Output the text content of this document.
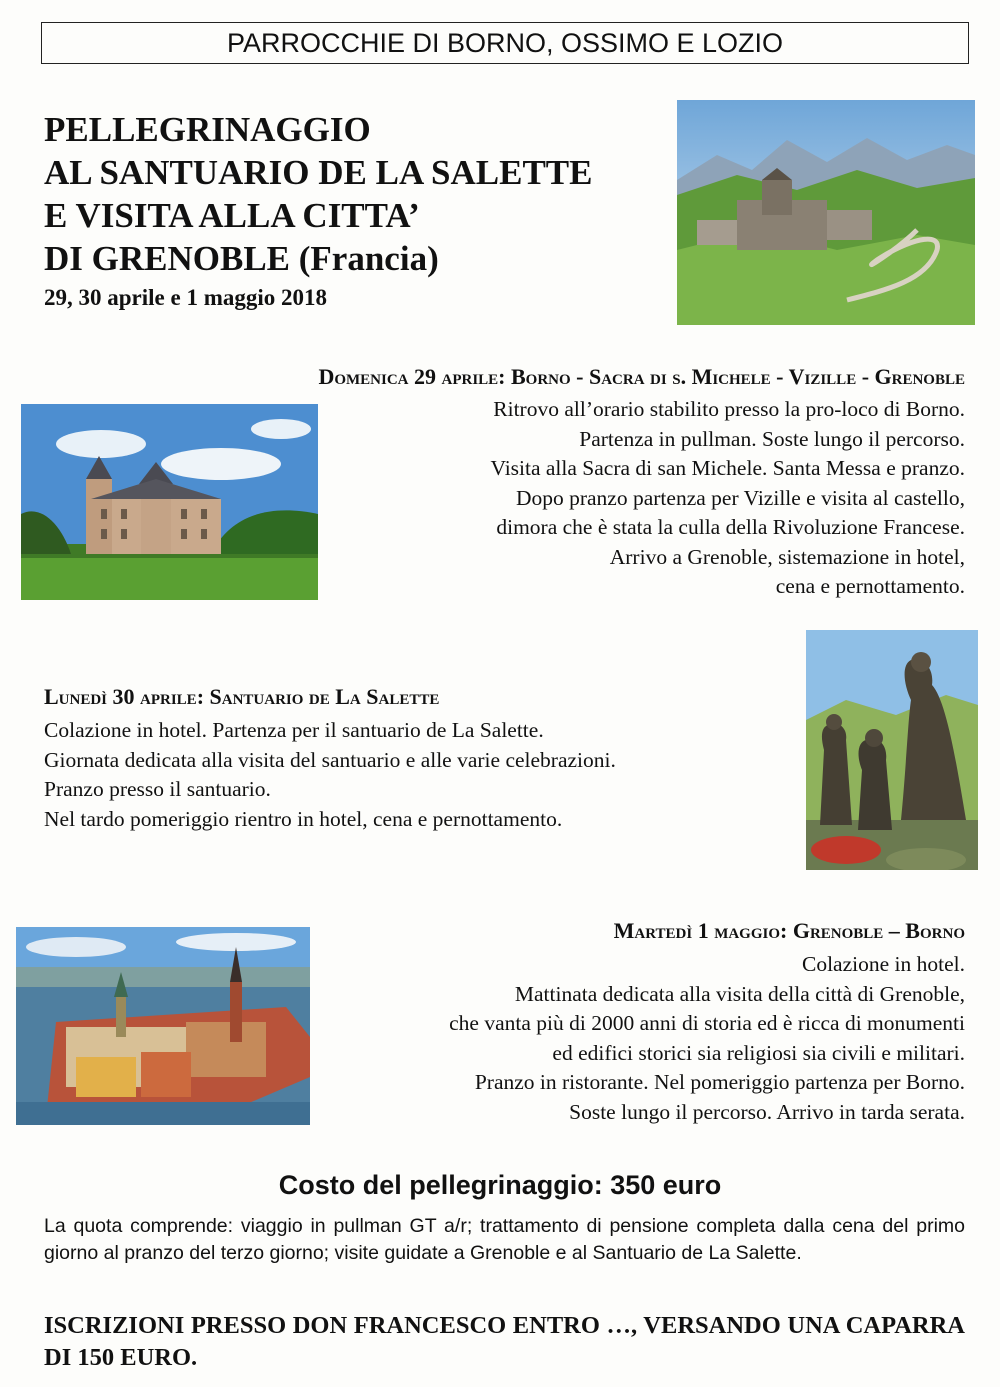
PARROCCHIE DI BORNO, OSSIMO E LOZIO
PELLEGRINAGGIO
AL SANTUARIO DE LA SALETTE
E VISITA ALLA CITTA’
DI GRENOBLE (Francia)
29, 30 aprile e 1 maggio 2018
Domenica 29 aprile: Borno - Sacra di s. Michele - Vizille - Grenoble
Ritrovo all’orario stabilito presso la pro-loco di Borno.
Partenza in pullman. Soste lungo il percorso.
Visita alla Sacra di san Michele. Santa Messa e pranzo.
Dopo pranzo partenza per Vizille e visita al castello,
dimora che è stata la culla della Rivoluzione Francese.
Arrivo a Grenoble, sistemazione in hotel,
cena e pernottamento.
Lunedì 30 aprile: Santuario de La Salette
Colazione in hotel. Partenza per il santuario de La Salette.
Giornata dedicata alla visita del santuario e alle varie celebrazioni.
Pranzo presso il santuario.
Nel tardo pomeriggio rientro in hotel, cena e pernottamento.
Martedì 1 maggio: Grenoble – Borno
Colazione in hotel.
Mattinata dedicata alla visita della città di Grenoble,
che vanta più di 2000 anni di storia ed è ricca di monumenti
ed edifici storici sia religiosi sia civili e militari.
Pranzo in ristorante. Nel pomeriggio partenza per Borno.
Soste lungo il percorso. Arrivo in tarda serata.
Costo del pellegrinaggio: 350 euro
La quota comprende: viaggio in pullman GT a/r; trattamento di pensione completa dalla cena del primo giorno al pranzo del terzo giorno; visite guidate a Grenoble e al Santuario de La Salette.
ISCRIZIONI PRESSO DON FRANCESCO ENTRO …, VERSANDO UNA CAPARRA DI 150 EURO.
